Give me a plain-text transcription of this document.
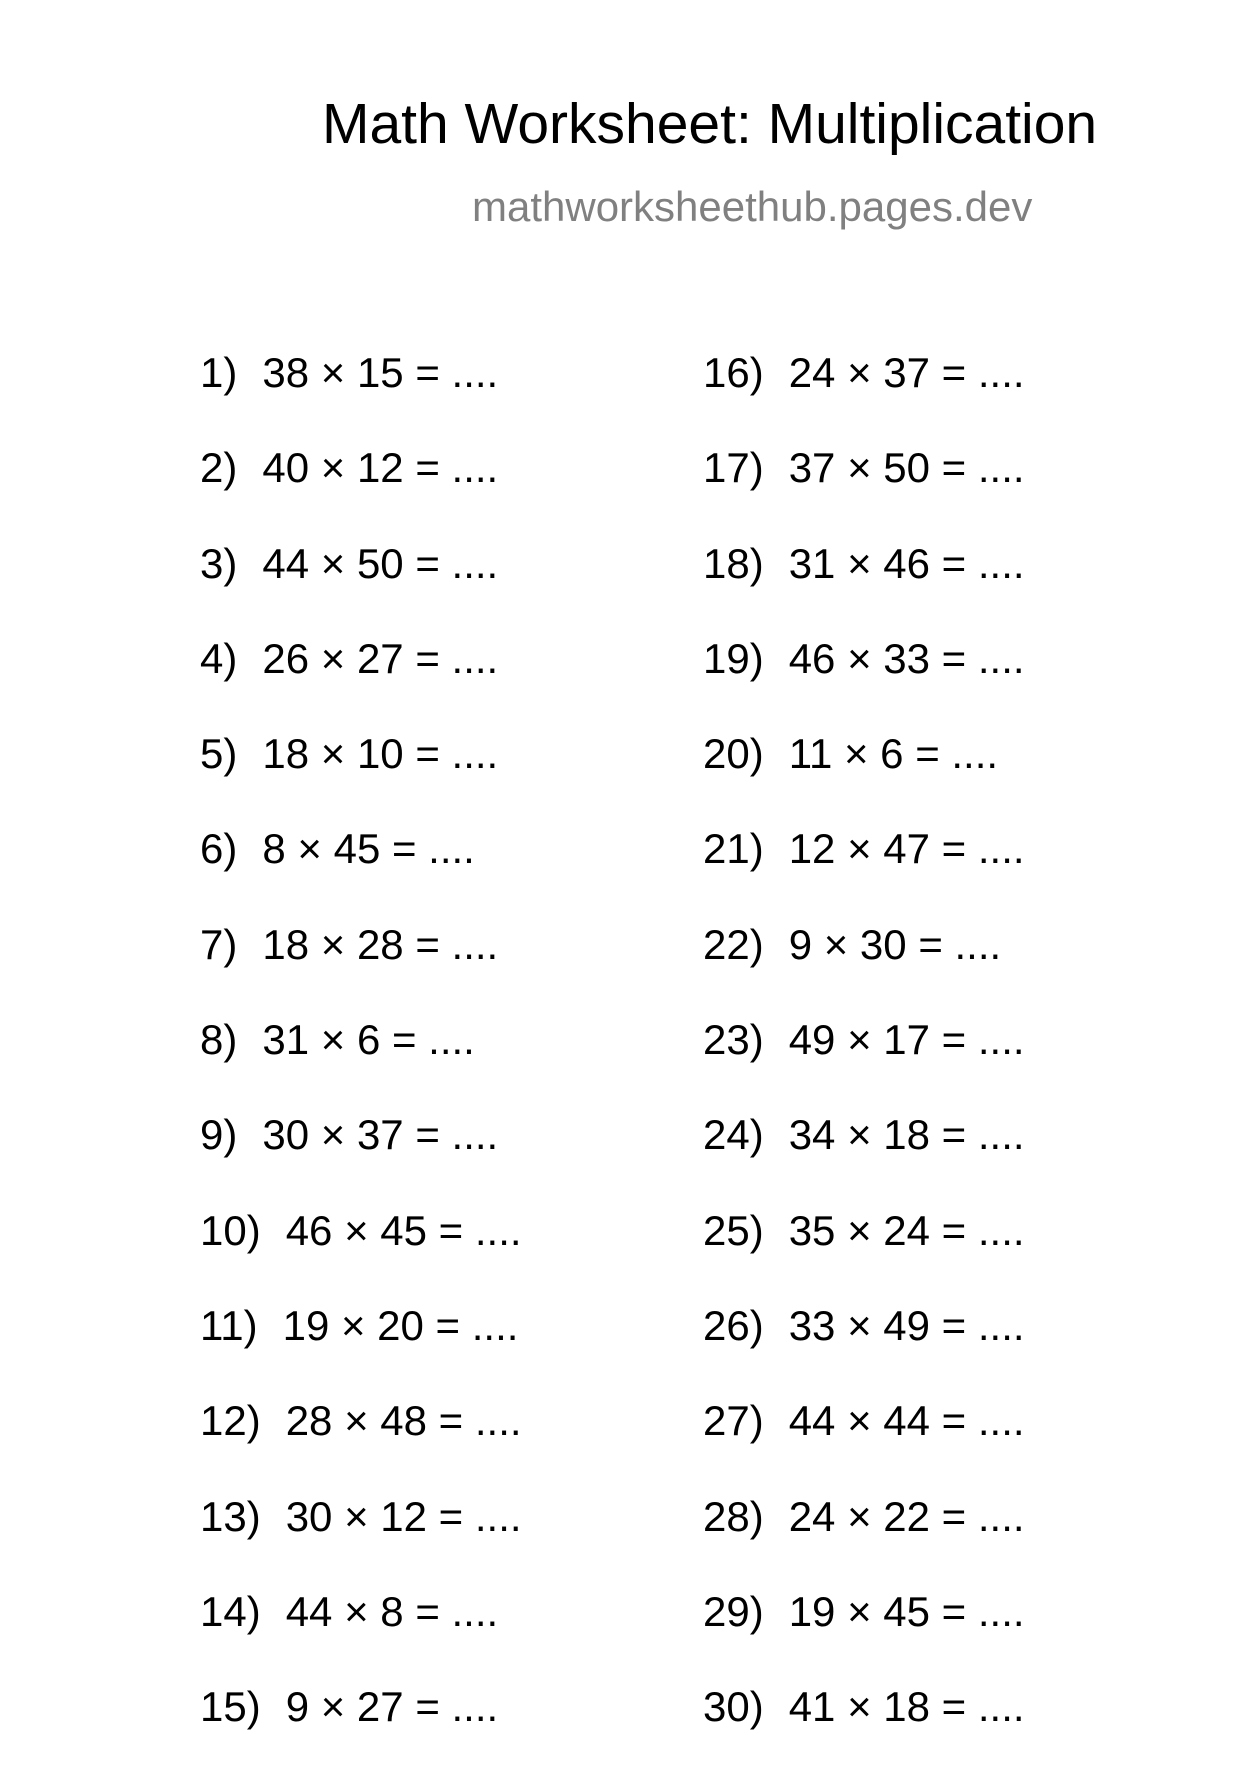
Math Worksheet: Multiplication
mathworksheethub.pages.dev
1) 38 × 15 = ....
2) 40 × 12 = ....
3) 44 × 50 = ....
4) 26 × 27 = ....
5) 18 × 10 = ....
6) 8 × 45 = ....
7) 18 × 28 = ....
8) 31 × 6 = ....
9) 30 × 37 = ....
10) 46 × 45 = ....
11) 19 × 20 = ....
12) 28 × 48 = ....
13) 30 × 12 = ....
14) 44 × 8 = ....
15) 9 × 27 = ....
16) 24 × 37 = ....
17) 37 × 50 = ....
18) 31 × 46 = ....
19) 46 × 33 = ....
20) 11 × 6 = ....
21) 12 × 47 = ....
22) 9 × 30 = ....
23) 49 × 17 = ....
24) 34 × 18 = ....
25) 35 × 24 = ....
26) 33 × 49 = ....
27) 44 × 44 = ....
28) 24 × 22 = ....
29) 19 × 45 = ....
30) 41 × 18 = ....
